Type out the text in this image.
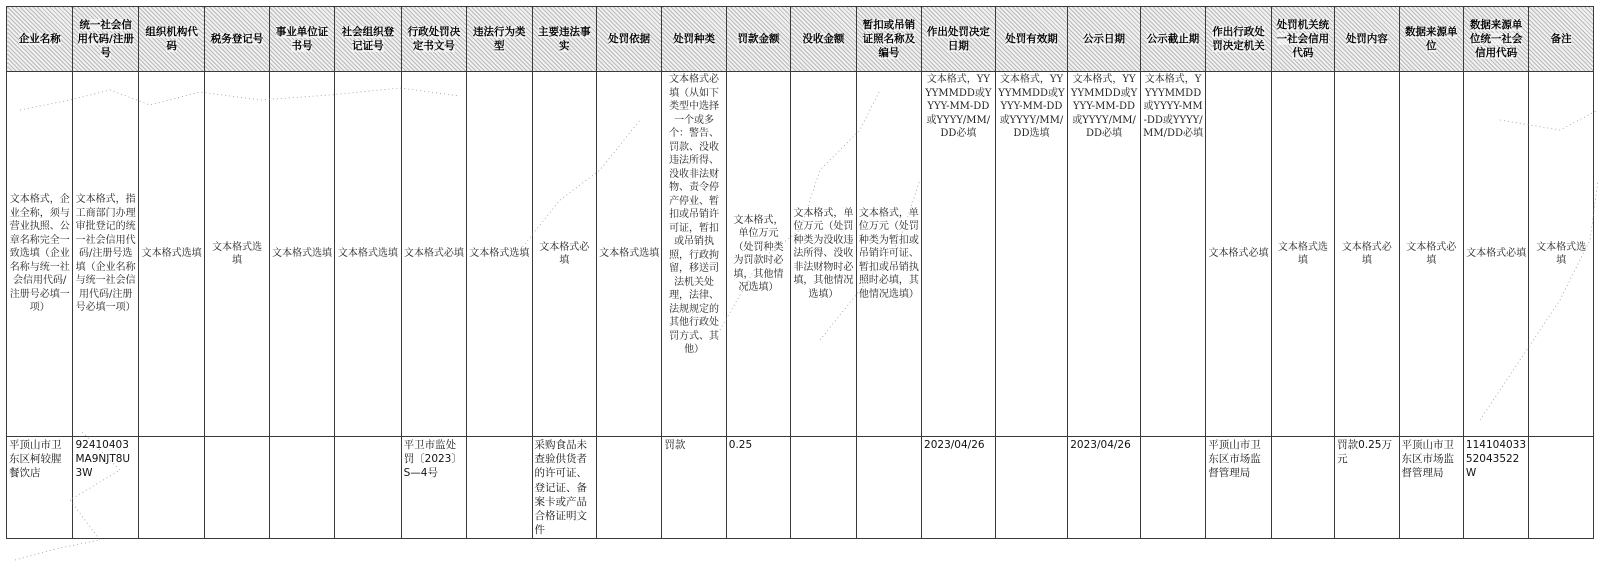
企业名称	统一社会信用代码/注册号	组织机构代码	税务登记号	事业单位证书号	社会组织登记证号	行政处罚决定书文号	违法行为类型	主要违法事实	处罚依据	处罚种类	罚款金额	没收金额	暂扣或吊销证照名称及编号	作出处罚决定日期	处罚有效期	公示日期	公示截止期	作出行政处罚决定机关	处罚机关统一社会信用代码	处罚内容	数据来源单位	数据来源单位统一社会信用代码	备注
文本格式，企业全称，须与营业执照、公章名称完全一致选填（企业名称与统一社会信用代码/注册号必填一项）	文本格式，指工商部门办理审批登记的统一社会信用代码/注册号选填（企业名称与统一社会信用代码/注册号必填一项）	文本格式选填	文本格式选填	文本格式选填	文本格式选填	文本格式必填	文本格式选填	文本格式必填	文本格式选填	文本格式必填（从如下类型中选择一个或多个：警告、罚款、没收违法所得、没收非法财物、责令停产停业、暂扣或吊销许可证，暂扣或吊销执照，行政拘留，移送司法机关处理，法律、法规规定的其他行政处罚方式、其他）	文本格式，单位万元（处罚种类为罚款时必填，其他情况选填）	文本格式，单位万元（处罚种类为没收违法所得、没收非法财物时必填，其他情况选填）	文本格式，单位万元（处罚种类为暂扣或吊销许可证、暂扣或吊销执照时必填，其他情况选填）	文本格式，YYYYMMDD或YYYY-MM-DD或YYYY/MM/DD必填	文本格式，YYYYMMDD或YYYY-MM-DD或YYYY/MM/DD选填	文本格式，YYYYMMDD或YYYY-MM-DD或YYYY/MM/DD必填	文本格式，YYYYMMDD或YYYY-MM-DD或YYYY/MM/DD必填	文本格式必填	文本格式选填	文本格式必填	文本格式必填	文本格式必填	文本格式选填
平顶山市卫东区柯较腥餐饮店	92410403MA9NJT8U3W					平卫市监处罚〔2023〕S—4号		采购食品未查验供货者的许可证、登记证、备案卡或产品合格证明文件		罚款	0.25			2023/04/26		2023/04/26		平顶山市卫东区市场监督管理局		罚款0.25万元	平顶山市卫东区市场监督管理局	11410403352043522W	
